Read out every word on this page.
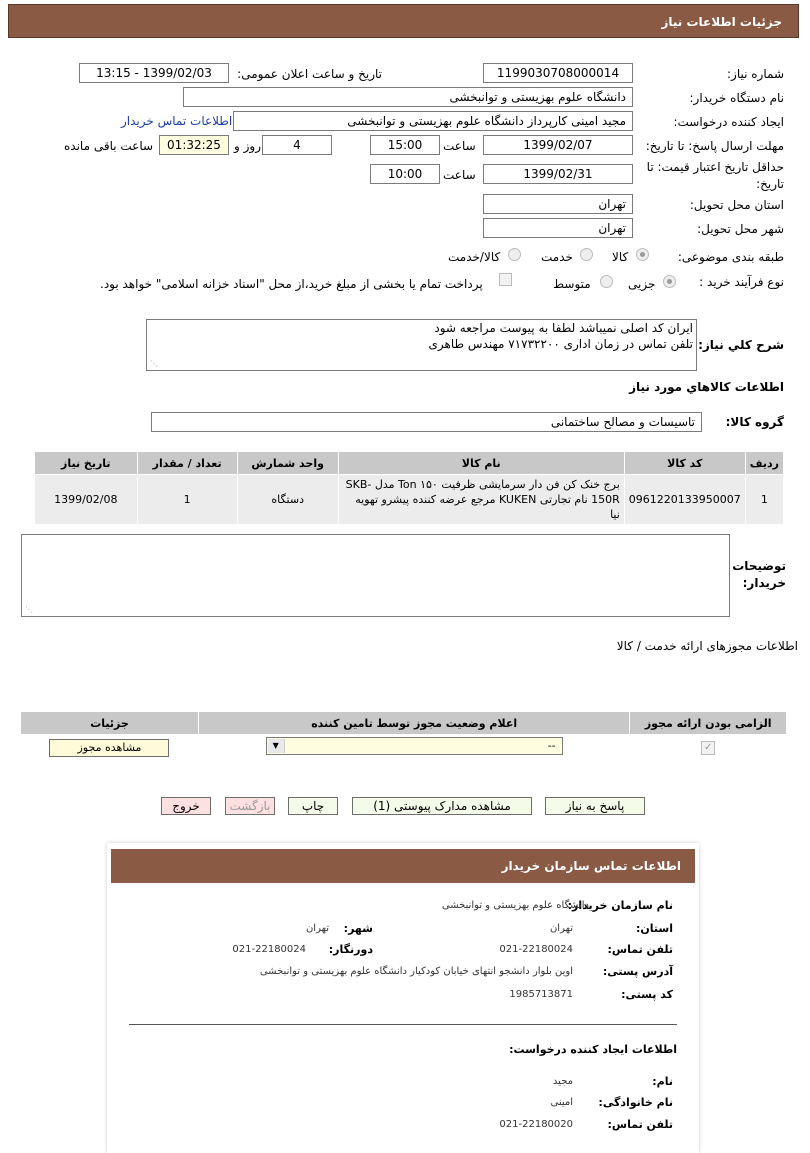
جزئیات اطلاعات نیاز
شماره نیاز:
1199030708000014
تاریخ و ساعت اعلان عمومی:
1399/02/03 - 13:15
نام دستگاه خریدار:
دانشگاه علوم بهزیستی و توانبخشی
ایجاد کننده درخواست:
مجید امینی کارپرداز دانشگاه علوم بهزیستی و توانبخشی
اطلاعات تماس خریدار
مهلت ارسال پاسخ: تا تاریخ:
1399/02/07
ساعت
15:00
4
روز و
01:32:25
ساعت باقی مانده
حداقل تاریخ اعتبار قیمت: تا
تاریخ:
1399/02/31
ساعت
10:00
استان محل تحویل:
تهران
شهر محل تحویل:
تهران
طبقه بندی موضوعی:
کالا
خدمت
کالا/خدمت
نوع فرآیند خرید :
جزیی
متوسط
پرداخت تمام یا بخشی از مبلغ خرید،از محل "اسناد خزانه اسلامی" خواهد بود.
شرح کلي نياز:
ایران کد اصلی نمیباشد لطفا به پیوست مراجعه شود
تلفن تماس در زمان اداری ۷۱۷۳۲۲۰۰ مهندس طاهری
⋰
اطلاعات کالاهاي مورد نياز
گروه کالا:
تاسیسات و مصالح ساختمانی
رديف	کد کالا	نام کالا	واحد شمارش	تعداد / مقدار	تاریخ نیاز
1	0961220133950007	برج خنک کن فن دار سرمایشی ظرفیت ۱۵۰ Ton مدل SKB-150R نام تجارتی KUKEN مرجع عرضه کننده پیشرو تهویه نیا	دستگاه	1	1399/02/08
توضیحات
خریدار:
⋰
اطلاعات مجوزهای ارائه خدمت / کالا
الزامی بودن ارائه مجوز	اعلام وضعیت مجوز توسط تامین کننده	جزئیات
✓	▼ --	مشاهده مجوز
پاسخ به نیاز
مشاهده مدارک پیوستی (1)
چاپ
بازگشت
خروج
اطلاعات تماس سازمان خریدار
نام سازمان خریدار:
دانشگاه علوم بهزیستی و توانبخشی
استان:
تهران
شهر:
تهران
تلفن تماس:
021-22180024
دورنگار:
021-22180024
آدرس پستی:
اوین بلوار دانشجو انتهای خیابان کودکیار دانشگاه علوم بهزیستی و توانبخشی
کد پستی:
1985713871
اطلاعات ایجاد کننده درخواست:
نام:
مجید
نام خانوادگی:
امینی
تلفن تماس:
021-22180020
